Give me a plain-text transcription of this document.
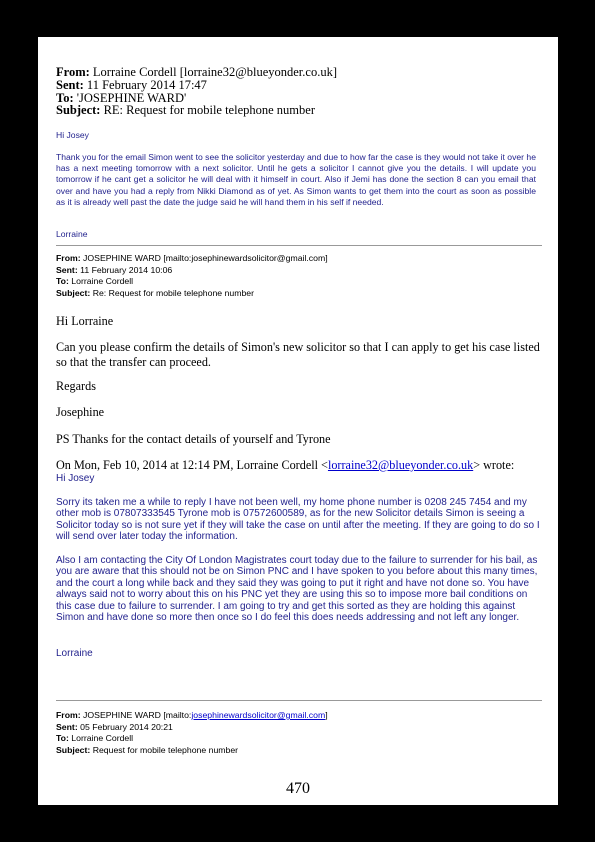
From: Lorraine Cordell [lorraine32@blueyonder.co.uk]
Sent: 11 February 2014 17:47
To: 'JOSEPHINE WARD'
Subject: RE: Request for mobile telephone number
Hi Josey
Thank you for the email Simon went to see the solicitor yesterday and due to how far the case is they would not take it over he has a next meeting tomorrow with a next solicitor. Until he gets a solicitor I cannot give you the details. I will update you tomorrow if he cant get a solicitor he will deal with it himself in court. Also if Jemi has done the section 8 can you email that over and have you had a reply from Nikki Diamond as of yet. As Simon wants to get them into the court as soon as possible as it is already well past the date the judge said he will hand them in his self if needed.
Lorraine
From: JOSEPHINE WARD [mailto:josephinewardsolicitor@gmail.com]
Sent: 11 February 2014 10:06
To: Lorraine Cordell
Subject: Re: Request for mobile telephone number
Hi Lorraine
Can you please confirm the details of Simon's new solicitor so that I can apply to get his case listed so that the transfer can proceed.
Regards
Josephine
PS Thanks for the contact details of yourself and Tyrone
On Mon, Feb 10, 2014 at 12:14 PM, Lorraine Cordell <lorraine32@blueyonder.co.uk> wrote:
Hi Josey
Sorry its taken me a while to reply I have not been well, my home phone number is 0208 245 7454 and my other mob is 07807333545 Tyrone mob is 07572600589, as for the new Solicitor details Simon is seeing a Solicitor today so is not sure yet if they will take the case on until after the meeting. If they are going to do so I will send over later today the information.
Also I am contacting the City Of London Magistrates court today due to the failure to surrender for his bail, as you are aware that this should not be on Simon PNC and I have spoken to you before about this many times, and the court a long while back and they said they was going to put it right and have not done so. You have always said not to worry about this on his PNC yet they are using this so to impose more bail conditions on this case due to failure to surrender. I am going to try and get this sorted as they are holding this against Simon and have done so more then once so I do feel this does needs addressing and not left any longer.
Lorraine
From: JOSEPHINE WARD [mailto:josephinewardsolicitor@gmail.com]
Sent: 05 February 2014 20:21
To: Lorraine Cordell
Subject: Request for mobile telephone number
470
